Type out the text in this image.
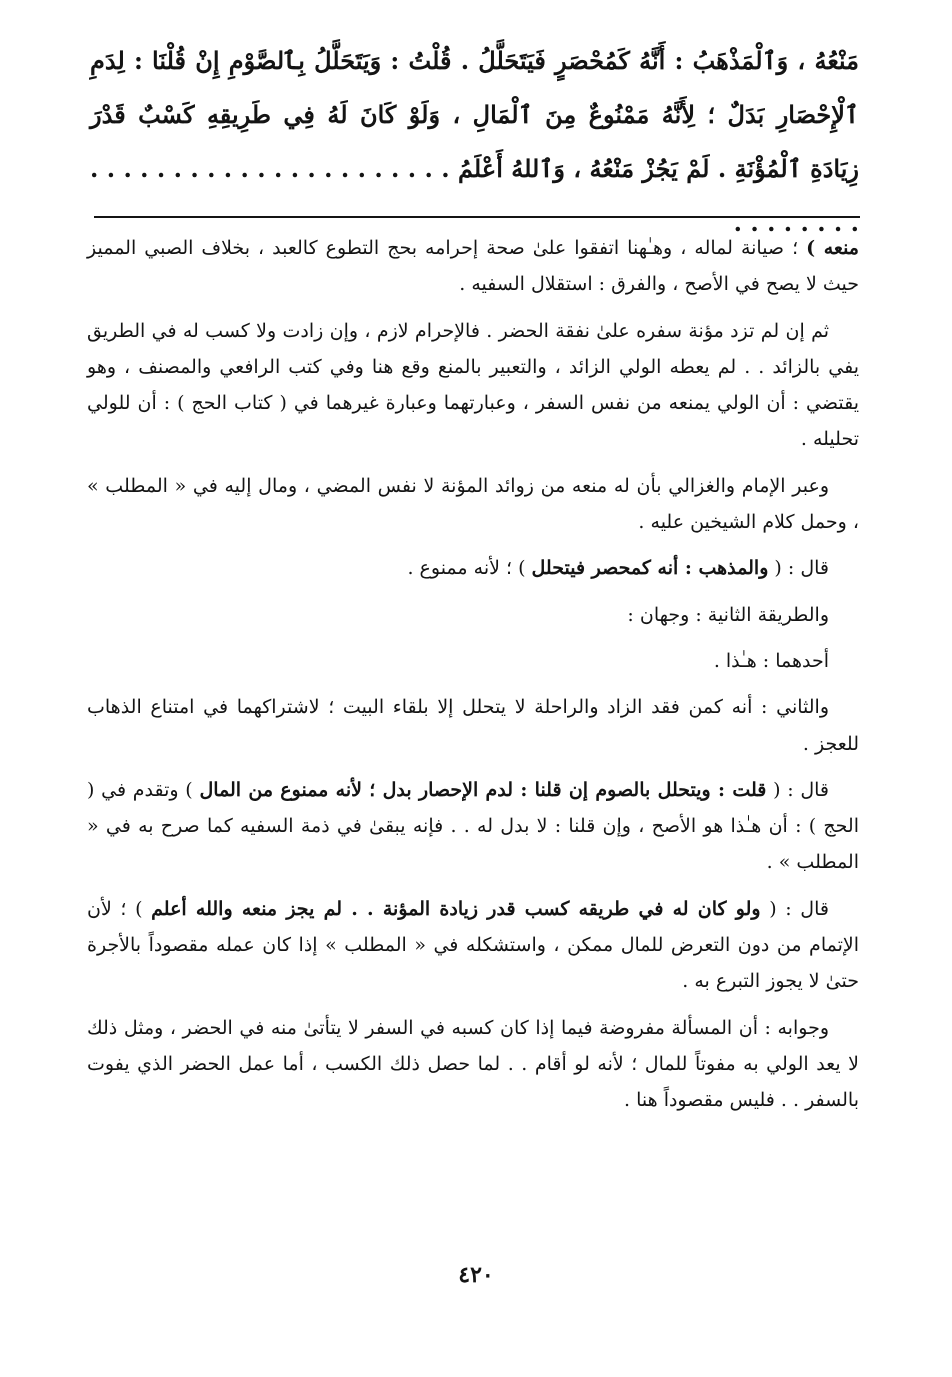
مَنْعُهُ ، وَٱلْمَذْهَبُ : أَنَّهُ كَمُحْصَرٍ فَيَتَحَلَّلُ . قُلْتُ : وَيَتَحَلَّلُ بِٱلصَّوْمِ إِنْ قُلْنَا : لِدَمِ ٱلْإِحْصَارِ بَدَلٌ ؛ لِأَنَّهُ مَمْنُوعٌ مِنَ ٱلْمَالِ ، وَلَوْ كَانَ لَهُ فِي طَرِيقِهِ كَسْبٌ قَدْرَ زِيَادَةِ ٱلْمُؤْنَةِ . لَمْ يَجُزْ مَنْعُهُ ، وَٱللهُ أَعْلَمُ . . . . . . . . . . . . . . . . . . . . . . . . . . . . . .

منعه ) ؛ صيانة لماله ، وهـٰهنا اتفقوا علىٰ صحة إحرامه بحج التطوع كالعبد ، بخلاف الصبي المميز حيث لا يصح في الأصح ، والفرق : استقلال السفيه .

ثم إن لم تزد مؤنة سفره علىٰ نفقة الحضر . فالإحرام لازم ، وإن زادت ولا كسب له في الطريق يفي بالزائد . . لم يعطه الولي الزائد ، والتعبير بالمنع وقع هنا وفي كتب الرافعي والمصنف ، وهو يقتضي : أن الولي يمنعه من نفس السفر ، وعبارتهما وعبارة غيرهما في ( كتاب الحج ) : أن للولي تحليله .

وعبر الإمام والغزالي بأن له منعه من زوائد المؤنة لا نفس المضي ، ومال إليه في « المطلب » ، وحمل كلام الشيخين عليه .

قال : ( والمذهب : أنه كمحصر فيتحلل ) ؛ لأنه ممنوع .

والطريقة الثانية : وجهان :

أحدهما : هـٰذا .

والثاني : أنه كمن فقد الزاد والراحلة لا يتحلل إلا بلقاء البيت ؛ لاشتراكهما في امتناع الذهاب للعجز .

قال : ( قلت : ويتحلل بالصوم إن قلنا : لدم الإحصار بدل ؛ لأنه ممنوع من المال ) وتقدم في ( الحج ) : أن هـٰذا هو الأصح ، وإن قلنا : لا بدل له . . فإنه يبقىٰ في ذمة السفيه كما صرح به في « المطلب » .

قال : ( ولو كان له في طريقه كسب قدر زيادة المؤنة . . لم يجز منعه والله أعلم ) ؛ لأن الإتمام من دون التعرض للمال ممكن ، واستشكله في « المطلب » إذا كان عمله مقصوداً بالأجرة حتىٰ لا يجوز التبرع به .

وجوابه : أن المسألة مفروضة فيما إذا كان كسبه في السفر لا يتأتىٰ منه في الحضر ، ومثل ذلك لا يعد الولي به مفوتاً للمال ؛ لأنه لو أقام . . لما حصل ذلك الكسب ، أما عمل الحضر الذي يفوت بالسفر . . فليس مقصوداً هنا .

٤٢٠
